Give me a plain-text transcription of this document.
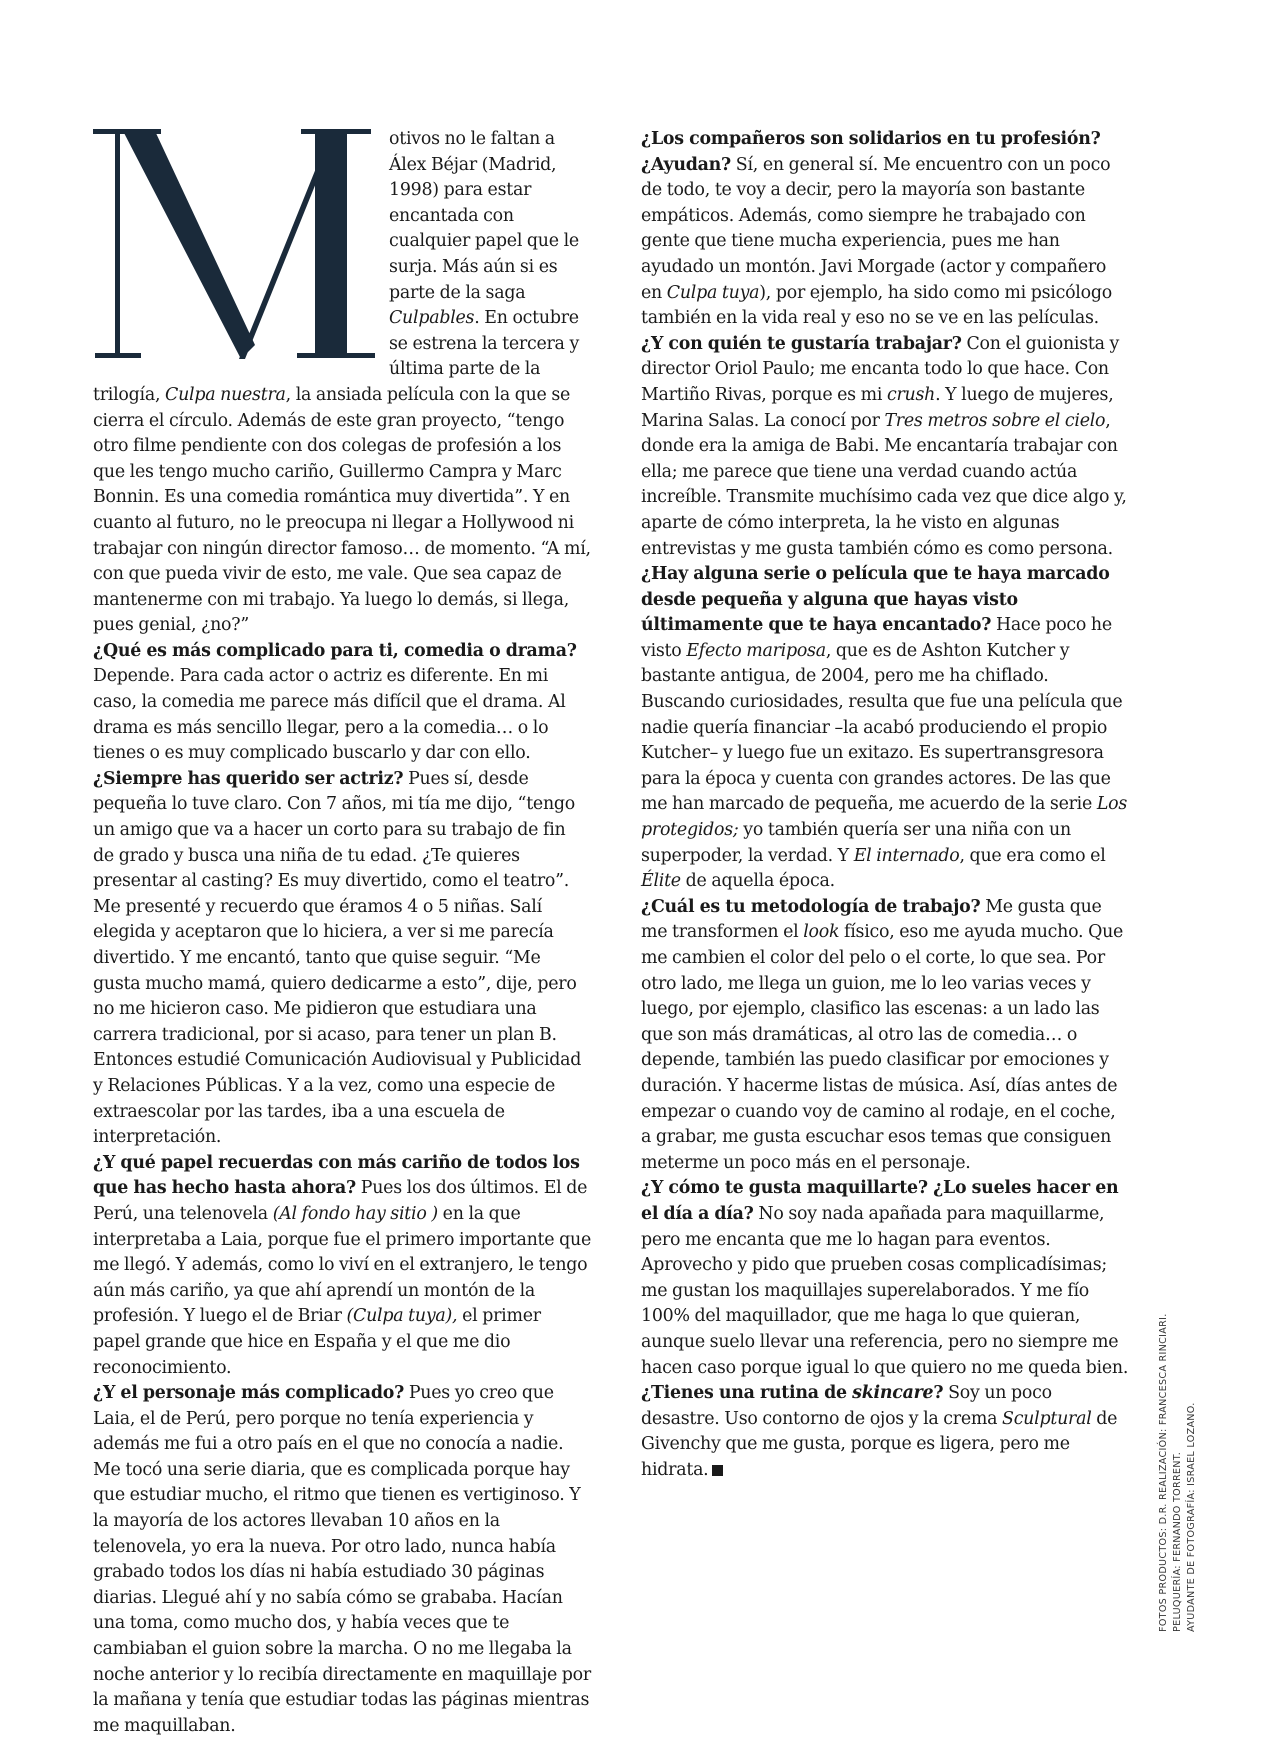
otivos no le faltan a Álex Béjar (Madrid, 1998) para estar encantada con cualquier papel que le surja. Más aún si es parte de la saga Culpables. En octubre se estrena la tercera y última parte de la trilogía, Culpa nuestra, la ansiada película con la que se cierra el círculo. Además de este gran proyecto, “tengo otro filme pendiente con dos colegas de profesión a los que les tengo mucho cariño, Guillermo Campra y Marc Bonnin. Es una comedia romántica muy divertida”. Y en cuanto al futuro, no le preocupa ni llegar a Hollywood ni trabajar con ningún director famoso… de momento. “A mí, con que pueda vivir de esto, me vale. Que sea capaz de mantenerme con mi trabajo. Ya luego lo demás, si llega, pues genial, ¿no?”
¿Qué es más complicado para ti, comedia o drama?
Depende. Para cada actor o actriz es diferente. En mi caso, la comedia me parece más difícil que el drama. Al drama es más sencillo llegar, pero a la comedia… o lo tienes o es muy complicado buscarlo y dar con ello.
¿Siempre has querido ser actriz? Pues sí, desde pequeña lo tuve claro. Con 7 años, mi tía me dijo, “tengo un amigo que va a hacer un corto para su trabajo de fin de grado y busca una niña de tu edad. ¿Te quieres presentar al casting? Es muy divertido, como el teatro”. Me presenté y recuerdo que éramos 4 o 5 niñas. Salí elegida y aceptaron que lo hiciera, a ver si me parecía divertido. Y me encantó, tanto que quise seguir. “Me gusta mucho mamá, quiero dedicarme a esto”, dije, pero no me hicieron caso. Me pidieron que estudiara una carrera tradicional, por si acaso, para tener un plan B. Entonces estudié Comunicación Audiovisual y Publicidad y Relaciones Públicas. Y a la vez, como una especie de extraescolar por las tardes, iba a una escuela de interpretación.
¿Y qué papel recuerdas con más cariño de todos los que has hecho hasta ahora? Pues los dos últimos. El de Perú, una telenovela (Al fondo hay sitio ) en la que interpretaba a Laia, porque fue el primero importante que me llegó. Y además, como lo viví en el extranjero, le tengo aún más cariño, ya que ahí aprendí un montón de la profesión. Y luego el de Briar (Culpa tuya), el primer papel grande que hice en España y el que me dio reconocimiento.
¿Y el personaje más complicado? Pues yo creo que Laia, el de Perú, pero porque no tenía experiencia y además me fui a otro país en el que no conocía a nadie. Me tocó una serie diaria, que es complicada porque hay que estudiar mucho, el ritmo que tienen es vertiginoso. Y la mayoría de los actores llevaban 10 años en la telenovela, yo era la nueva. Por otro lado, nunca había grabado todos los días ni había estudiado 30 páginas diarias. Llegué ahí y no sabía cómo se grababa. Hacían una toma, como mucho dos, y había veces que te cambiaban el guion sobre la marcha. O no me llegaba la noche anterior y lo recibía directamente en maquillaje por la mañana y tenía que estudiar todas las páginas mientras me maquillaban.
¿Los compañeros son solidarios en tu profesión? ¿Ayudan? Sí, en general sí. Me encuentro con un poco de todo, te voy a decir, pero la mayoría son bastante empáticos. Además, como siempre he trabajado con gente que tiene mucha experiencia, pues me han ayudado un montón. Javi Morgade (actor y compañero en Culpa tuya), por ejemplo, ha sido como mi psicólogo también en la vida real y eso no se ve en las películas.
¿Y con quién te gustaría trabajar? Con el guionista y director Oriol Paulo; me encanta todo lo que hace. Con Martiño Rivas, porque es mi crush. Y luego de mujeres, Marina Salas. La conocí por Tres metros sobre el cielo, donde era la amiga de Babi. Me encantaría trabajar con ella; me parece que tiene una verdad cuando actúa increíble. Transmite muchísimo cada vez que dice algo y, aparte de cómo interpreta, la he visto en algunas entrevistas y me gusta también cómo es como persona.
¿Hay alguna serie o película que te haya marcado desde pequeña y alguna que hayas visto últimamente que te haya encantado? Hace poco he visto Efecto mariposa, que es de Ashton Kutcher y bastante antigua, de 2004, pero me ha chiflado. Buscando curiosidades, resulta que fue una película que nadie quería financiar –la acabó produciendo el propio Kutcher– y luego fue un exitazo. Es supertransgresora para la época y cuenta con grandes actores. De las que me han marcado de pequeña, me acuerdo de la serie Los protegidos; yo también quería ser una niña con un superpoder, la verdad. Y El internado, que era como el Élite de aquella época.
¿Cuál es tu metodología de trabajo? Me gusta que me transformen el look físico, eso me ayuda mucho. Que me cambien el color del pelo o el corte, lo que sea. Por otro lado, me llega un guion, me lo leo varias veces y luego, por ejemplo, clasifico las escenas: a un lado las que son más dramáticas, al otro las de comedia… o depende, también las puedo clasificar por emociones y duración. Y hacerme listas de música. Así, días antes de empezar o cuando voy de camino al rodaje, en el coche, a grabar, me gusta escuchar esos temas que consiguen meterme un poco más en el personaje.
¿Y cómo te gusta maquillarte? ¿Lo sueles hacer en el día a día? No soy nada apañada para maquillarme, pero me encanta que me lo hagan para eventos. Aprovecho y pido que prueben cosas complicadísimas; me gustan los maquillajes superelaborados. Y me fío 100% del maquillador, que me haga lo que quieran, aunque suelo llevar una referencia, pero no siempre me hacen caso porque igual lo que quiero no me queda bien.
¿Tienes una rutina de skincare? Soy un poco desastre. Uso contorno de ojos y la crema Sculptural de Givenchy que me gusta, porque es ligera, pero me hidrata.	FOTOS PRODUCTOS: D.R. REALIZACIÓN: FRANCESCA RINCIARI. PELUQUERÍA: FERNANDO TORRENT. AYUDANTE DE FOTOGRAFÍA: ISRAEL LOZANO.
